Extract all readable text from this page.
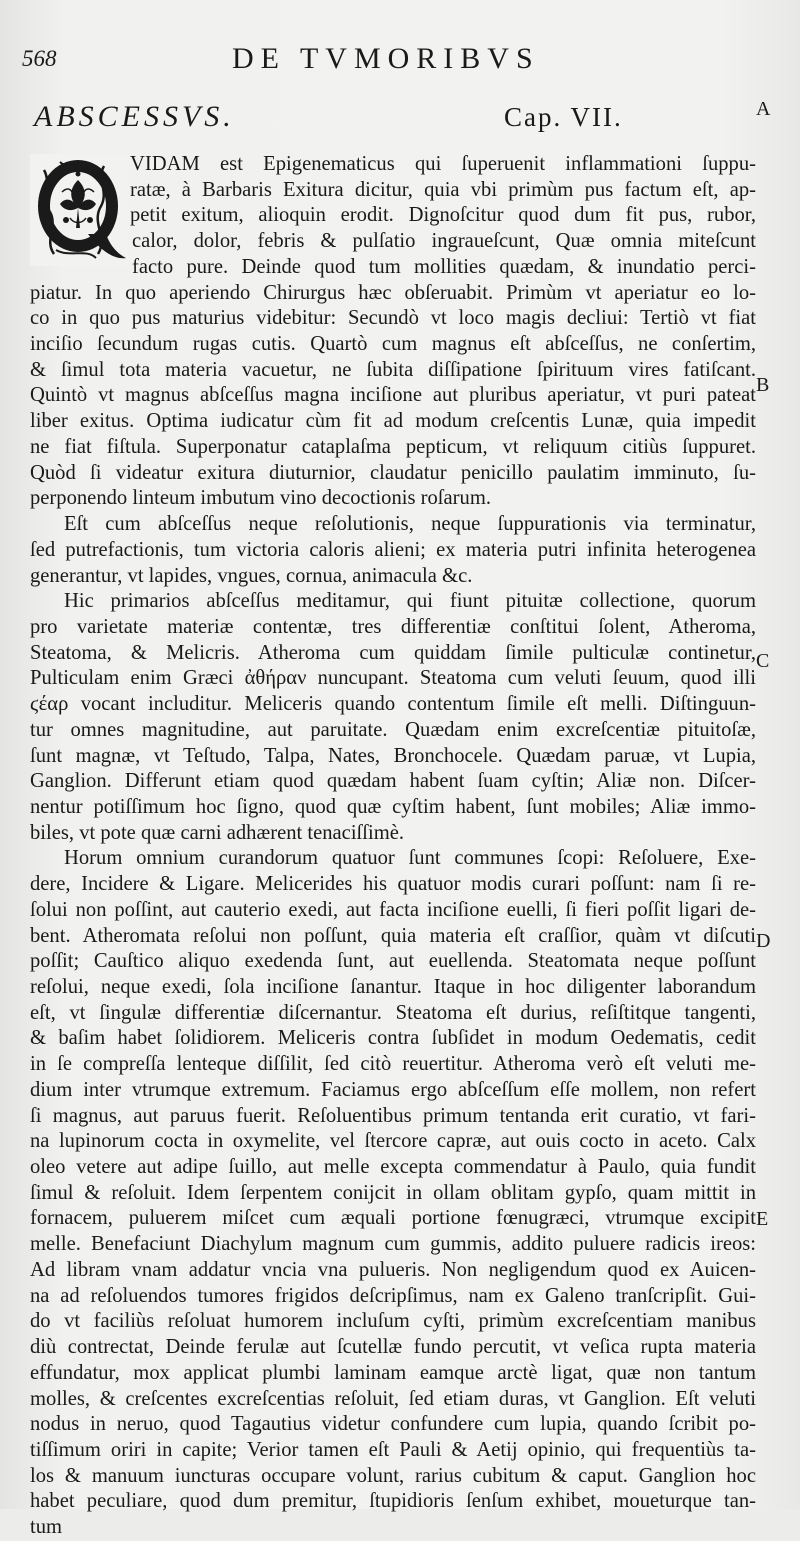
568	DE TVMORIBVS
ABSCESSVS.	Cap. VII.	A
B
C
D
E
VIDAM est Epigenematicus qui ſuperuenit inflammationi ſuppu-
ratæ, à Barbaris Exitura dicitur, quia vbi primùm pus factum eſt, ap-
petit exitum, alioquin erodit. Dignoſcitur quod dum fit pus, rubor,
calor, dolor, febris & pulſatio ingraueſcunt, Quæ omnia miteſcunt
facto pure. Deinde quod tum mollities quædam, & inundatio perci-
piatur. In quo aperiendo Chirurgus hæc obſeruabit. Primùm vt aperiatur eo lo-
co in quo pus maturius videbitur: Secundò vt loco magis decliui: Tertiò vt fiat
inciſio ſecundum rugas cutis. Quartò cum magnus eſt abſceſſus, ne conſertim,
& ſimul tota materia vacuetur, ne ſubita diſſipatione ſpirituum vires fatiſcant.
Quintò vt magnus abſceſſus magna inciſione aut pluribus aperiatur, vt puri pateat
liber exitus. Optima iudicatur cùm fit ad modum creſcentis Lunæ, quia impedit
ne fiat fiſtula. Superponatur cataplaſma pepticum, vt reliquum citiùs ſuppuret.
Quòd ſi videatur exitura diuturnior, claudatur penicillo paulatim imminuto, ſu-
perponendo linteum imbutum vino decoctionis roſarum.
Eſt cum abſceſſus neque reſolutionis, neque ſuppurationis via terminatur,
ſed putrefactionis, tum victoria caloris alieni; ex materia putri infinita heterogenea
generantur, vt lapides, vngues, cornua, animacula &c.
Hic primarios abſceſſus meditamur, qui fiunt pituitæ collectione, quorum
pro varietate materiæ contentæ, tres differentiæ conſtitui ſolent, Atheroma,
Steatoma, & Melicris. Atheroma cum quiddam ſimile pulticulæ continetur,
Pulticulam enim Græci ἀθήραν nuncupant. Steatoma cum veluti ſeuum, quod illi
ϛέαρ vocant includitur. Meliceris quando contentum ſimile eſt melli. Diſtinguun-
tur omnes magnitudine, aut paruitate. Quædam enim excreſcentiæ pituitoſæ,
ſunt magnæ, vt Teſtudo, Talpa, Nates, Bronchocele. Quædam paruæ, vt Lupia,
Ganglion. Differunt etiam quod quædam habent ſuam cyſtin; Aliæ non. Diſcer-
nentur potiſſimum hoc ſigno, quod quæ cyſtim habent, ſunt mobiles; Aliæ immo-
biles, vt pote quæ carni adhærent tenaciſſimè.
Horum omnium curandorum quatuor ſunt communes ſcopi: Reſoluere, Exe-
dere, Incidere & Ligare. Melicerides his quatuor modis curari poſſunt: nam ſi re-
ſolui non poſſint, aut cauterio exedi, aut facta inciſione euelli, ſi fieri poſſit ligari de-
bent. Atheromata reſolui non poſſunt, quia materia eſt craſſior, quàm vt diſcuti
poſſit; Cauſtico aliquo exedenda ſunt, aut euellenda. Steatomata neque poſſunt
reſolui, neque exedi, ſola inciſione ſanantur. Itaque in hoc diligenter laborandum
eſt, vt ſingulæ differentiæ diſcernantur. Steatoma eſt durius, reſiſtitque tangenti,
& baſim habet ſolidiorem. Meliceris contra ſubſidet in modum Oedematis, cedit
in ſe compreſſa lenteque diſſilit, ſed citò reuertitur. Atheroma verò eſt veluti me-
dium inter vtrumque extremum. Faciamus ergo abſceſſum eſſe mollem, non refert
ſi magnus, aut paruus fuerit. Reſoluentibus primum tentanda erit curatio, vt fari-
na lupinorum cocta in oxymelite, vel ſtercore capræ, aut ouis cocto in aceto. Calx
oleo vetere aut adipe ſuillo, aut melle excepta commendatur à Paulo, quia fundit
ſimul & reſoluit. Idem ſerpentem conijcit in ollam oblitam gypſo, quam mittit in
fornacem, puluerem miſcet cum æquali portione fœnugræci, vtrumque excipit
melle. Benefaciunt Diachylum magnum cum gummis, addito puluere radicis ireos:
Ad libram vnam addatur vncia vna pulueris. Non negligendum quod ex Auicen-
na ad reſoluendos tumores frigidos deſcripſimus, nam ex Galeno tranſcripſit. Gui-
do vt faciliùs reſoluat humorem incluſum cyſti, primùm excreſcentiam manibus
diù contrectat, Deinde ferulæ aut ſcutellæ fundo percutit, vt veſica rupta materia
effundatur, mox applicat plumbi laminam eamque arctè ligat, quæ non tantum
molles, & creſcentes excreſcentias reſoluit, ſed etiam duras, vt Ganglion. Eſt veluti
nodus in neruo, quod Tagautius videtur confundere cum lupia, quando ſcribit po-
tiſſimum oriri in capite; Verior tamen eſt Pauli & Aetij opinio, qui frequentiùs ta-
los & manuum iuncturas occupare volunt, rarius cubitum & caput. Ganglion hoc
habet peculiare, quod dum premitur, ſtupidioris ſenſum exhibet, moueturque tan-
tum
